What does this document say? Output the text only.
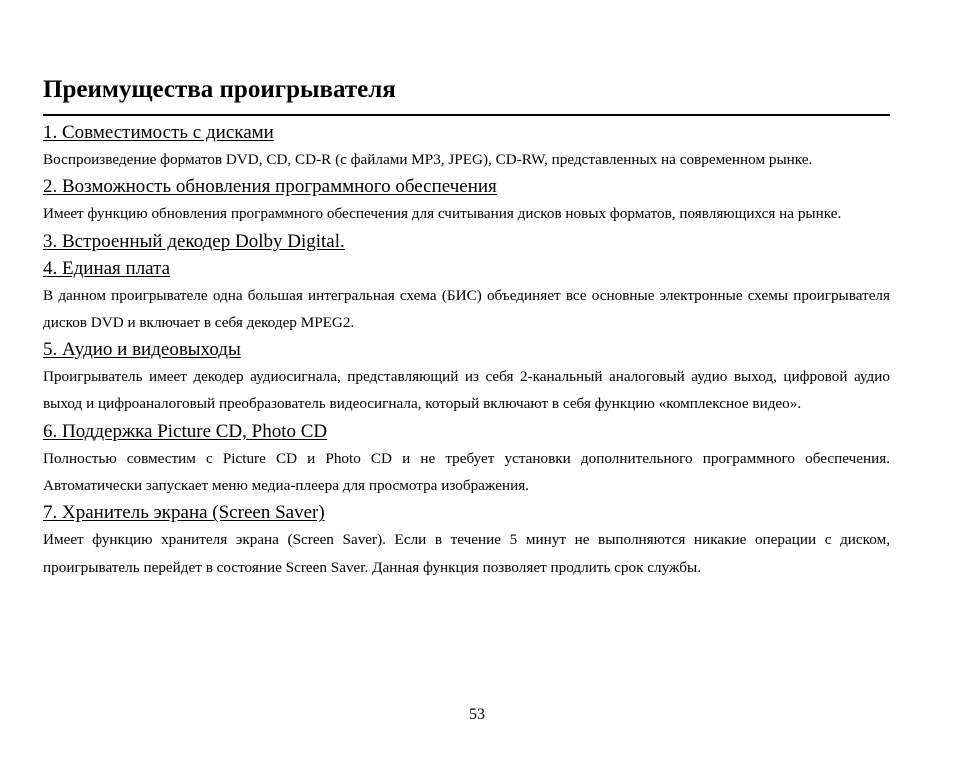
Преимущества проигрывателя

1. Совместимость с дисками

Воспроизведение форматов DVD, CD, CD-R (с файлами MP3, JPEG), CD-RW, представленных на современном рынке.

2. Возможность обновления программного обеспечения

Имеет функцию обновления программного обеспечения для считывания дисков новых форматов, появляющихся на рынке.

3. Встроенный декодер Dolby Digital.

4. Единая плата

В данном проигрывателе одна большая интегральная схема (БИС) объединяет все основные электронные схемы проигрывателя дисков DVD и включает в себя декодер MPEG2.

5. Аудио и видеовыходы

Проигрыватель имеет декодер аудиосигнала, представляющий из себя 2-канальный аналоговый аудио выход, цифровой аудио выход и цифроаналоговый преобразователь видеосигнала, который включают в себя функцию «комплексное видео».

6. Поддержка Picture CD, Photo CD

Полностью совместим с Picture CD и Photo CD и не требует установки дополнительного программного обеспечения. Автоматически запускает меню медиа-плеера для просмотра изображения.

7. Хранитель экрана (Screen Saver)

Имеет функцию хранителя экрана (Screen Saver). Если в течение 5 минут не выполняются никакие операции с диском, проигрыватель перейдет в состояние Screen Saver. Данная функция позволяет продлить срок службы.

53
